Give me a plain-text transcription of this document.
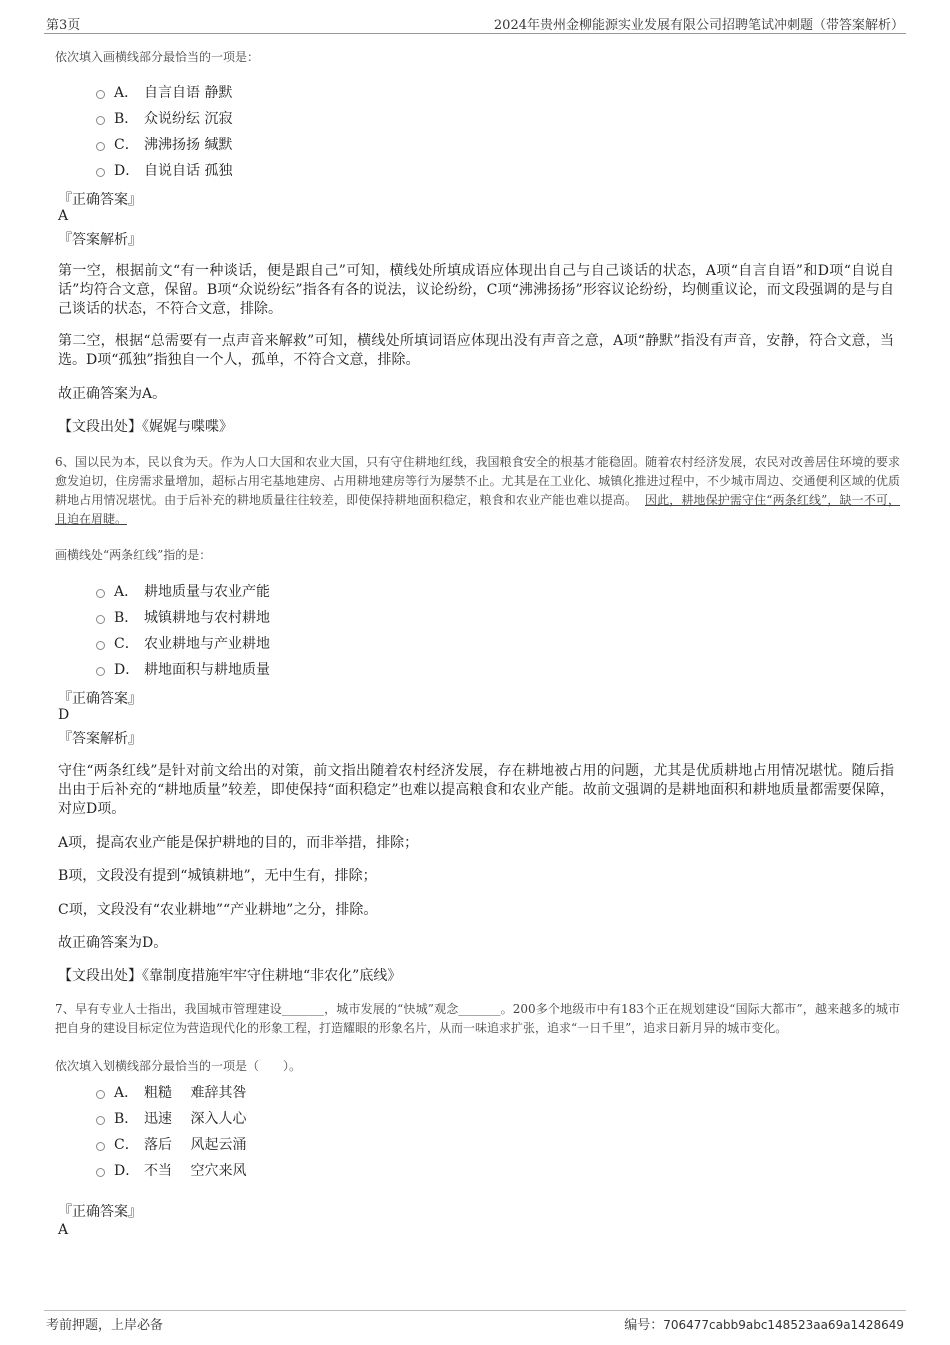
第3页	2024年贵州金柳能源实业发展有限公司招聘笔试冲刺题（带答案解析）
依次填入画横线部分最恰当的一项是：
A． 自言自语 静默
B． 众说纷纭 沉寂
C． 沸沸扬扬 缄默
D． 自说自话 孤独
『正确答案』
A
『答案解析』
第一空，根据前文“有一种谈话，便是跟自己”可知，横线处所填成语应体现出自己与自己谈话的状态，A项“自言自语”和D项“自说自话”均符合文意，保留。B项“众说纷纭”指各有各的说法，议论纷纷，C项“沸沸扬扬”形容议论纷纷，均侧重议论，而文段强调的是与自己谈话的状态，不符合文意，排除。
第二空，根据“总需要有一点声音来解救”可知，横线处所填词语应体现出没有声音之意，A项“静默”指没有声音，安静，符合文意，当选。D项“孤独”指独自一个人，孤单，不符合文意，排除。
故正确答案为A。
【文段出处】《娓娓与喋喋》
6、国以民为本，民以食为天。作为人口大国和农业大国，只有守住耕地红线，我国粮食安全的根基才能稳固。随着农村经济发展，农民对改善居住环境的要求愈发迫切，住房需求量增加，超标占用宅基地建房、占用耕地建房等行为屡禁不止。尤其是在工业化、城镇化推进过程中，不少城市周边、交通便利区域的优质耕地占用情况堪忧。由于后补充的耕地质量往往较差，即使保持耕地面积稳定，粮食和农业产能也难以提高。 因此，耕地保护需守住“两条红线”，缺一不可，且迫在眉睫。
画横线处“两条红线”指的是：
A． 耕地质量与农业产能
B． 城镇耕地与农村耕地
C． 农业耕地与产业耕地
D． 耕地面积与耕地质量
『正确答案』
D
『答案解析』
守住“两条红线”是针对前文给出的对策，前文指出随着农村经济发展，存在耕地被占用的问题，尤其是优质耕地占用情况堪忧。随后指出由于后补充的“耕地质量”较差，即使保持“面积稳定”也难以提高粮食和农业产能。故前文强调的是耕地面积和耕地质量都需要保障，对应D项。
A项，提高农业产能是保护耕地的目的，而非举措，排除；
B项，文段没有提到“城镇耕地”，无中生有，排除；
C项，文段没有“农业耕地”“产业耕地”之分，排除。
故正确答案为D。
【文段出处】《靠制度措施牢牢守住耕地“非农化”底线》
7、早有专业人士指出，我国城市管理建设_______，城市发展的“快城”观念_______。200多个地级市中有183个正在规划建设“国际大都市”，越来越多的城市把自身的建设目标定位为营造现代化的形象工程，打造耀眼的形象名片，从而一味追求扩张，追求“一日千里”，追求日新月异的城市变化。
依次填入划横线部分最恰当的一项是（　　）。
A． 粗糙　 难辞其咎
B． 迅速　 深入人心
C． 落后　 风起云涌
D． 不当　 空穴来风
『正确答案』
A
考前押题，上岸必备	编号：706477cabb9abc148523aa69a1428649
